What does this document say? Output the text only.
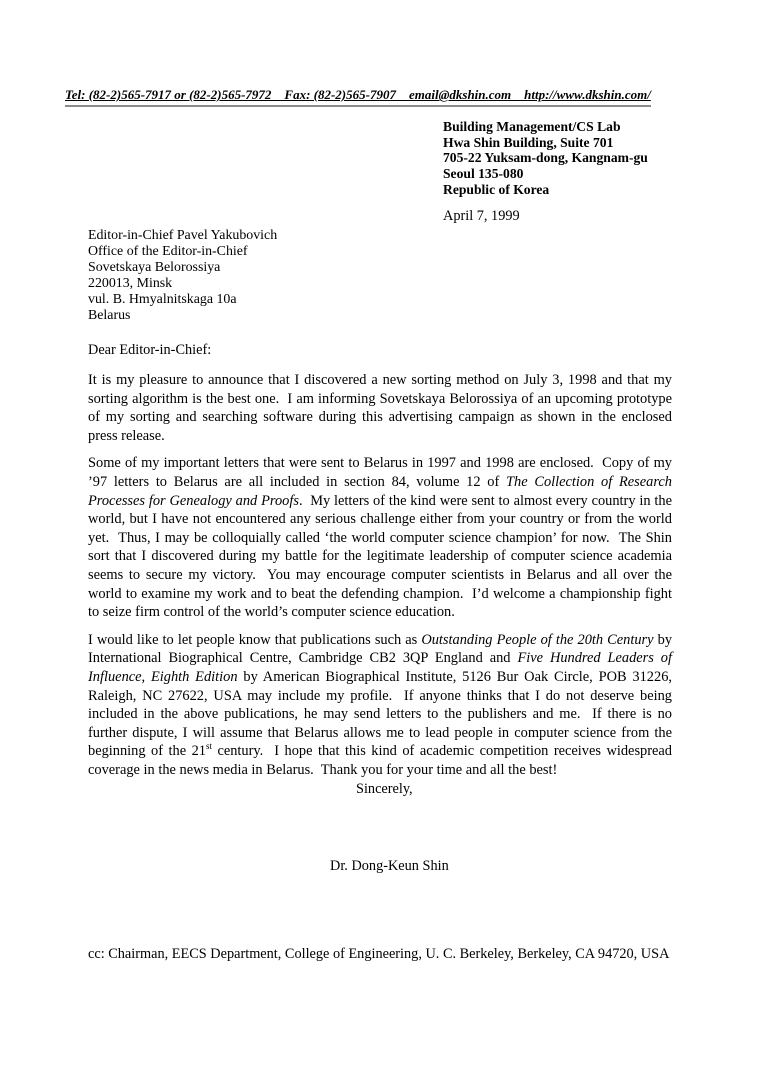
Tel: (82-2)565-7917 or (82-2)565-7972    Fax: (82-2)565-7907    email@dkshin.com    http://www.dkshin.com/
Building Management/CS Lab
Hwa Shin Building, Suite 701
705-22 Yuksam-dong, Kangnam-gu
Seoul 135-080
Republic of Korea
April 7, 1999
Editor-in-Chief Pavel Yakubovich
Office of the Editor-in-Chief
Sovetskaya Belorossiya
220013, Minsk
vul. B. Hmyalnitskaga 10a
Belarus
Dear Editor-in-Chief:

It is my pleasure to announce that I discovered a new sorting method on July 3, 1998 and that my sorting algorithm is the best one.  I am informing Sovetskaya Belorossiya of an upcoming prototype of my sorting and searching software during this advertising campaign as shown in the enclosed press release.

Some of my important letters that were sent to Belarus in 1997 and 1998 are enclosed.  Copy of my ’97 letters to Belarus are all included in section 84, volume 12 of The Collection of Research Processes for Genealogy and Proofs.  My letters of the kind were sent to almost every country in the world, but I have not encountered any serious challenge either from your country or from the world yet.  Thus, I may be colloquially called ‘the world computer science champion’ for now.  The Shin sort that I discovered during my battle for the legitimate leadership of computer science academia seems to secure my victory.  You may encourage computer scientists in Belarus and all over the world to examine my work and to beat the defending champion.  I’d welcome a championship fight to seize firm control of the world’s computer science education.

I would like to let people know that publications such as Outstanding People of the 20th Century by International Biographical Centre, Cambridge CB2 3QP England and Five Hundred Leaders of Influence, Eighth Edition by American Biographical Institute, 5126 Bur Oak Circle, POB 31226, Raleigh, NC 27622, USA may include my profile.  If anyone thinks that I do not deserve being included in the above publications, he may send letters to the publishers and me.  If there is no further dispute, I will assume that Belarus allows me to lead people in computer science from the beginning of the 21st century.  I hope that this kind of academic competition receives widespread coverage in the news media in Belarus.  Thank you for your time and all the best!

Sincerely,
Dr. Dong-Keun Shin
cc: Chairman, EECS Department, College of Engineering, U. C. Berkeley, Berkeley, CA 94720, USA
